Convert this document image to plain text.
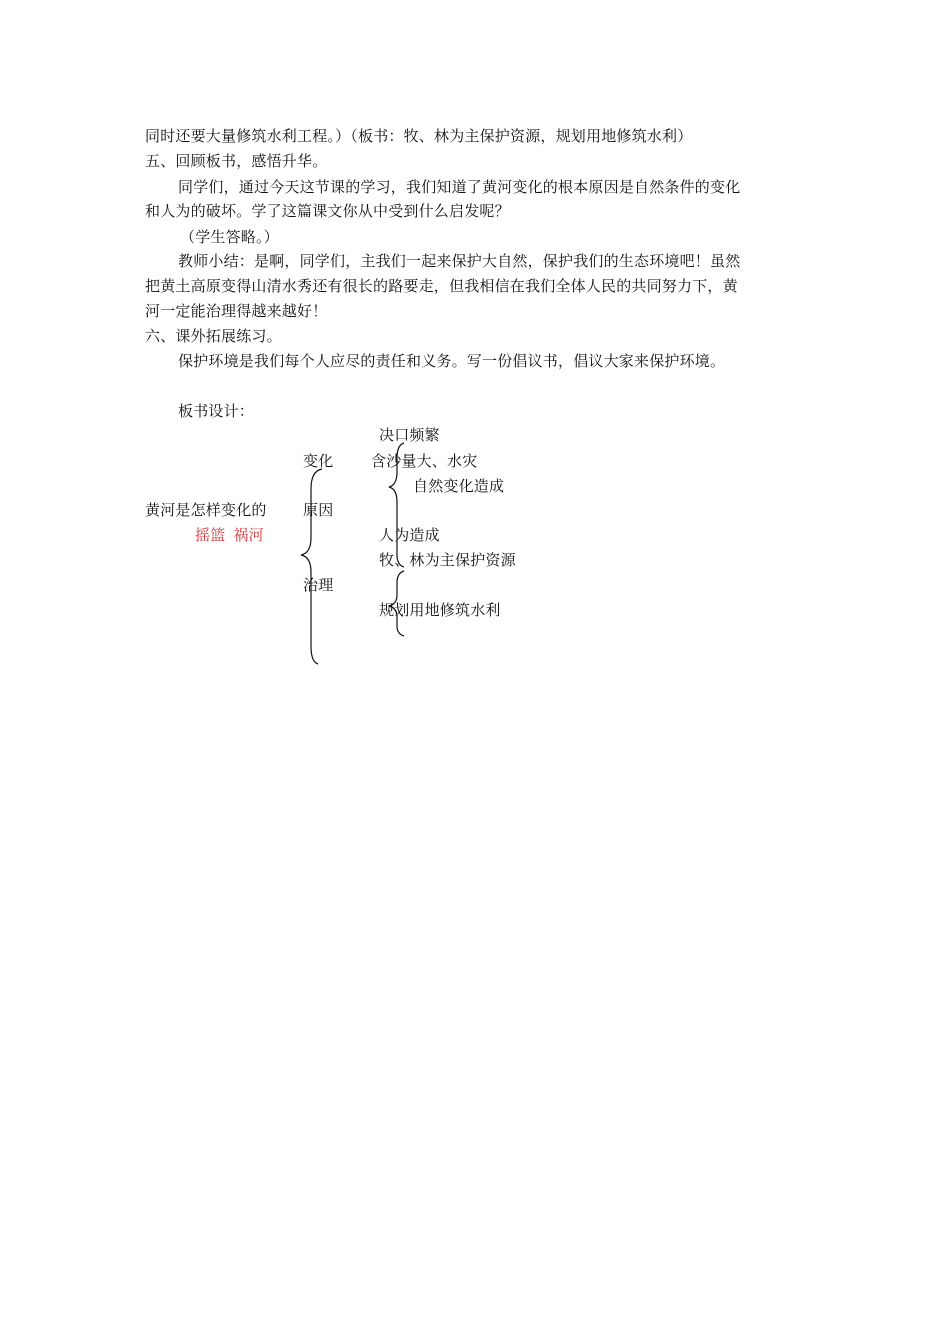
同时还要大量修筑水利工程。）（板书：牧、林为主保护资源，规划用地修筑水利）
五、回顾板书，感悟升华。
同学们，通过今天这节课的学习，我们知道了黄河变化的根本原因是自然条件的变化
和人为的破坏。学了这篇课文你从中受到什么启发呢？
（学生答略。）
教师小结：是啊，同学们，主我们一起来保护大自然，保护我们的生态环境吧！虽然
把黄土高原变得山清水秀还有很长的路要走，但我相信在我们全体人民的共同努力下，黄
河一定能治理得越来越好！
六、课外拓展练习。
保护环境是我们每个人应尽的责任和义务。写一份倡议书，倡议大家来保护环境。
板书设计：
黄河是怎样变化的
摇篮 祸河
变化
原因
治理
决口频繁
含沙量大、水灾
自然变化造成
人为造成
牧、林为主保护资源
规划用地修筑水利
